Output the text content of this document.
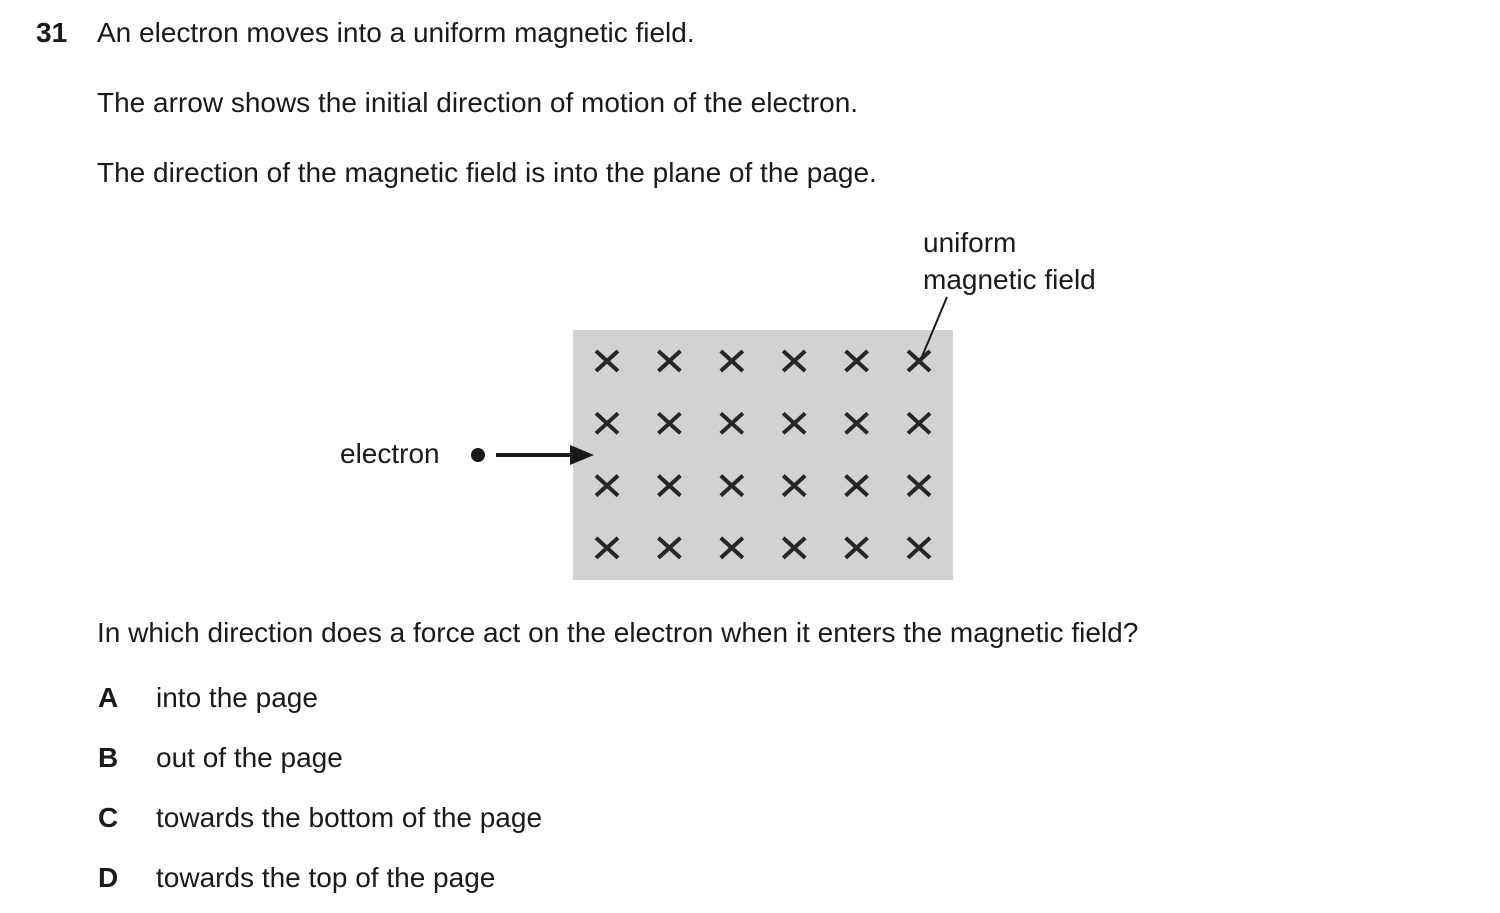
31 An electron moves into a uniform magnetic field.
The arrow shows the initial direction of motion of the electron.
The direction of the magnetic field is into the plane of the page.
uniform
magnetic field
electron
In which direction does a force act on the electron when it enters the magnetic field?
A into the page
B out of the page
C towards the bottom of the page
D towards the top of the page
